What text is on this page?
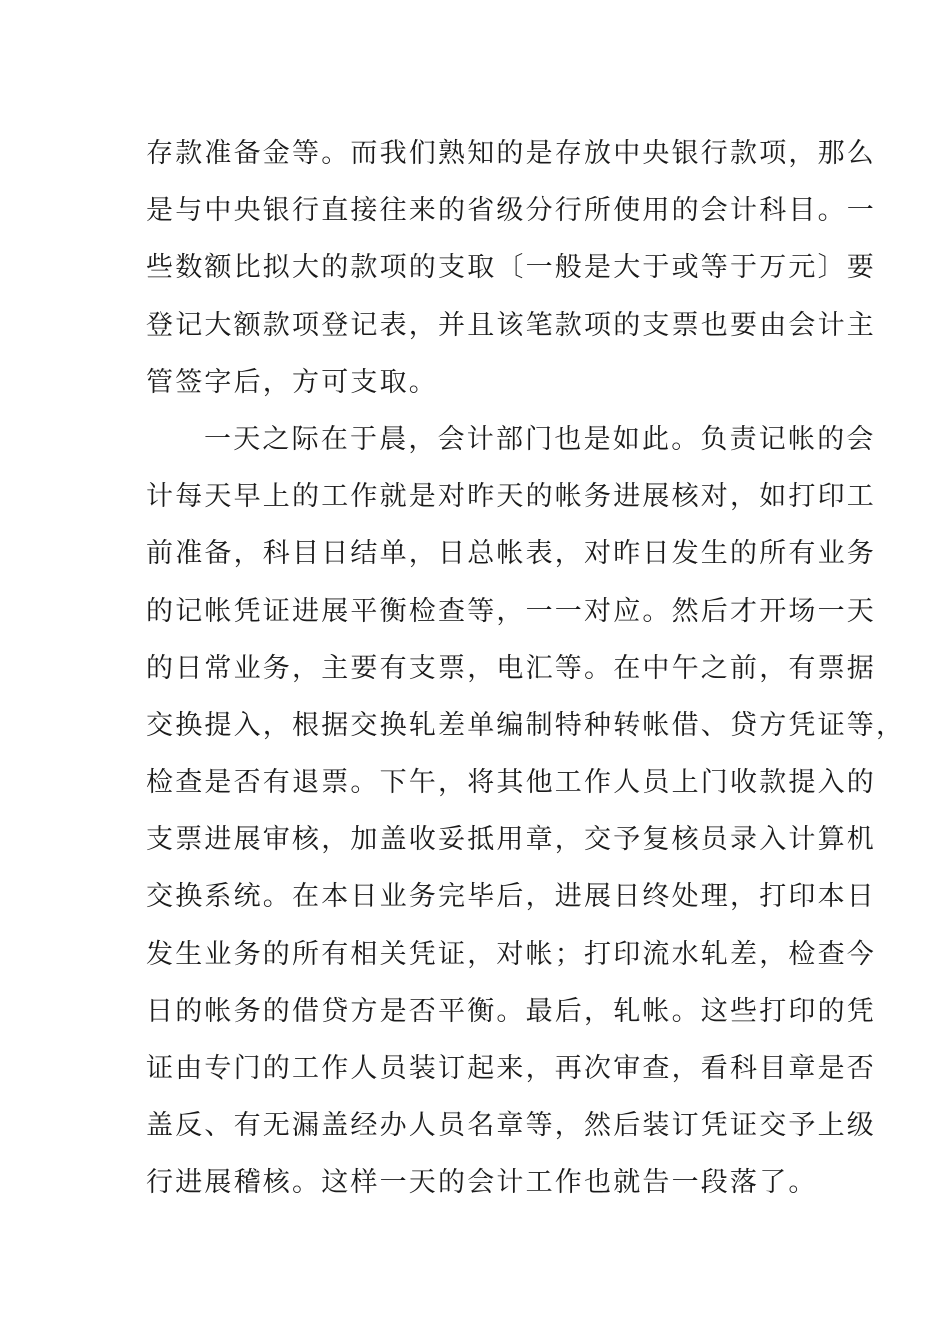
存款准备金等。而我们熟知的是存放中央银行款项，那么
是与中央银行直接往来的省级分行所使用的会计科目。一
些数额比拟大的款项的支取〔一般是大于或等于万元〕要
登记大额款项登记表，并且该笔款项的支票也要由会计主
管签字后，方可支取。
一天之际在于晨，会计部门也是如此。负责记帐的会
计每天早上的工作就是对昨天的帐务进展核对，如打印工
前准备，科目日结单，日总帐表，对昨日发生的所有业务
的记帐凭证进展平衡检查等，一一对应。然后才开场一天
的日常业务，主要有支票，电汇等。在中午之前，有票据
交换提入，根据交换轧差单编制特种转帐借、贷方凭证等，
检查是否有退票。下午，将其他工作人员上门收款提入的
支票进展审核，加盖收妥抵用章，交予复核员录入计算机
交换系统。在本日业务完毕后，进展日终处理，打印本日
发生业务的所有相关凭证，对帐；打印流水轧差，检查今
日的帐务的借贷方是否平衡。最后，轧帐。这些打印的凭
证由专门的工作人员装订起来，再次审查，看科目章是否
盖反、有无漏盖经办人员名章等，然后装订凭证交予上级
行进展稽核。这样一天的会计工作也就告一段落了。
